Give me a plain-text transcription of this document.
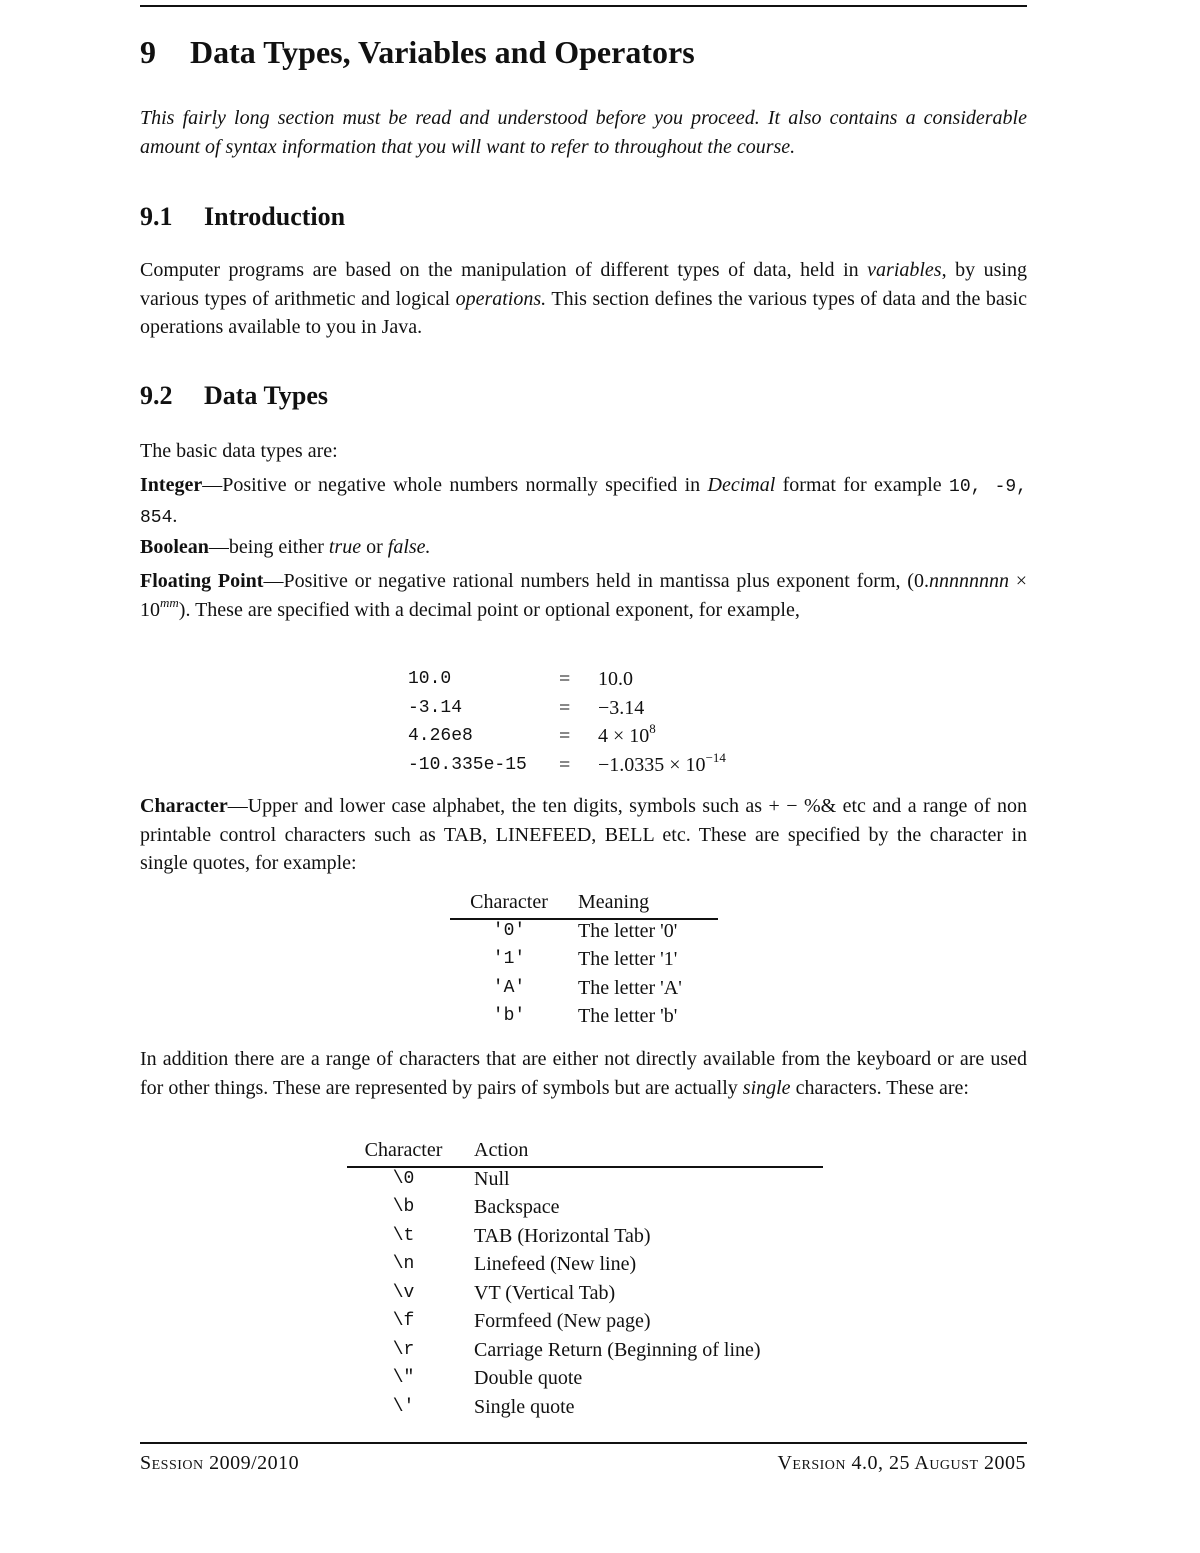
9 Data Types, Variables and Operators

This fairly long section must be read and understood before you proceed. It also contains a considerable amount of syntax information that you will want to refer to throughout the course.

9.1 Introduction

Computer programs are based on the manipulation of different types of data, held in variables, by using various types of arithmetic and logical operations. This section defines the various types of data and the basic operations available to you in Java.

9.2 Data Types

The basic data types are:

Integer—Positive or negative whole numbers normally specified in Decimal format for example 10, -9, 854.

Boolean—being either true or false.

Floating Point—Positive or negative rational numbers held in mantissa plus exponent form, (0.nnnnnnnn × $10^{mm}$). These are specified with a decimal point or optional exponent, for example,

10.0	= 10.0
-3.14	= −3.14
4.26e8	= $4 \times 10^8$
$-10.335e-15 = -1.0335 \times 10^{-14}$

Character—Upper and lower case alphabet, the ten digits, symbols such as + − %& etc and a range of non printable control characters such as TAB, LINEFEED, BELL etc. These are specified by the character in single quotes, for example:

Character	Meaning
'0'	The letter '0'
'1'	The letter '1'
'A'	The letter 'A'
'b'	The letter 'b'

In addition there are a range of characters that are either not directly available from the keyboard or are used for other things. These are represented by pairs of symbols but are actually single characters. These are:

Character	Action
\0	Null
\b	Backspace
\t	TAB (Horizontal Tab)
\n	Linefeed (New line)
\v	VT (Vertical Tab)
\f	Formfeed (New page)
\r	Carriage Return (Beginning of line)
\"	Double quote
\'	Single quote
Session 2009/2010	Version 4.0, 25 August 2005
